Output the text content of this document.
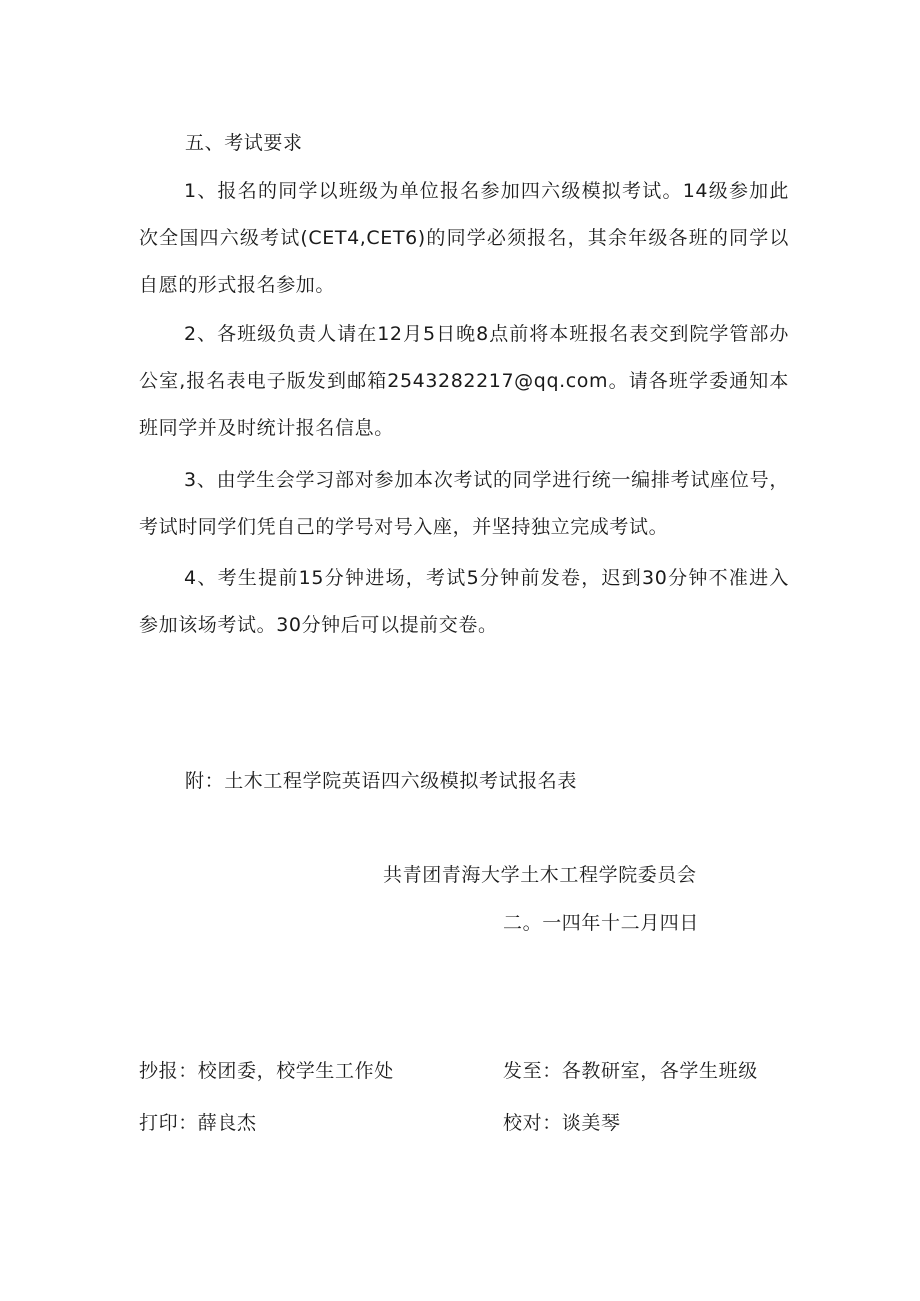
五、考试要求
1、报名的同学以班级为单位报名参加四六级模拟考试。14级参加此次全国四六级考试(CET4,CET6)的同学必须报名，其余年级各班的同学以自愿的形式报名参加。
2、各班级负责人请在12月5日晚8点前将本班报名表交到院学管部办公室,报名表电子版发到邮箱2543282217@qq.com。请各班学委通知本班同学并及时统计报名信息。
3、由学生会学习部对参加本次考试的同学进行统一编排考试座位号，考试时同学们凭自己的学号对号入座，并坚持独立完成考试。
4、考生提前15分钟进场，考试5分钟前发卷，迟到30分钟不准进入参加该场考试。30分钟后可以提前交卷。
附：土木工程学院英语四六级模拟考试报名表
共青团青海大学土木工程学院委员会
二。一四年十二月四日
抄报：校团委，校学生工作处	发至：各教研室，各学生班级
打印：薛良杰	校对：谈美琴
